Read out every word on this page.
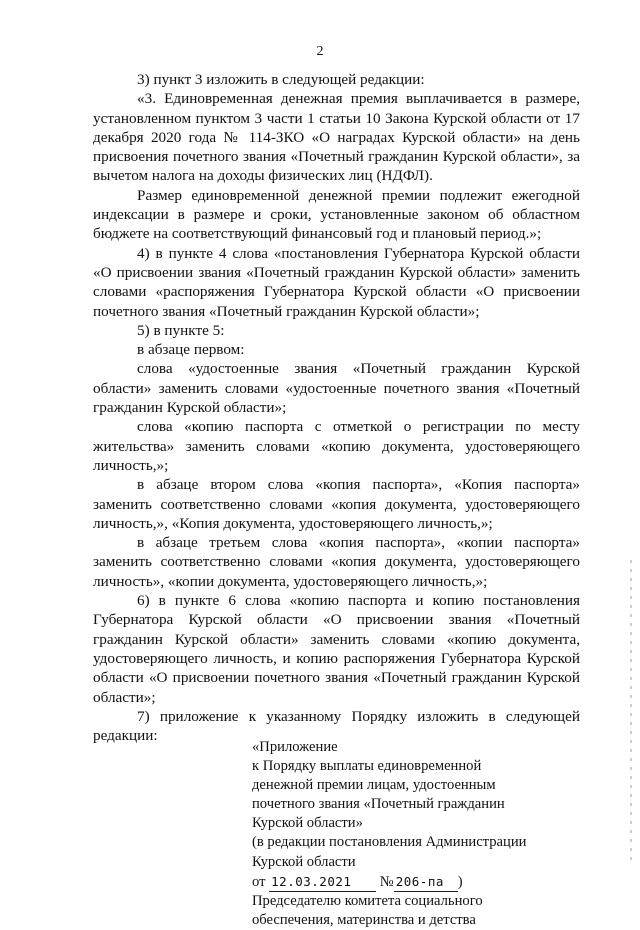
2

3) пункт 3 изложить в следующей редакции:

«3. Единовременная денежная премия выплачивается в размере, установленном пунктом 3 части 1 статьи 10 Закона Курской области от 17 декабря 2020 года № 114-ЗКО «О наградах Курской области» на день присвоения почетного звания «Почетный гражданин Курской области», за вычетом налога на доходы физических лиц (НДФЛ).

Размер единовременной денежной премии подлежит ежегодной индексации в размере и сроки, установленные законом об областном бюджете на соответствующий финансовый год и плановый период.»;

4) в пункте 4 слова «постановления Губернатора Курской области «О присвоении звания «Почетный гражданин Курской области» заменить словами «распоряжения Губернатора Курской области «О присвоении почетного звания «Почетный гражданин Курской области»;

5) в пункте 5:

в абзаце первом:

слова «удостоенные звания «Почетный гражданин Курской области» заменить словами «удостоенные почетного звания «Почетный гражданин Курской области»;

слова «копию паспорта с отметкой о регистрации по месту жительства» заменить словами «копию документа, удостоверяющего личность,»;

в абзаце втором слова «копия паспорта», «Копия паспорта» заменить соответственно словами «копия документа, удостоверяющего личность,», «Копия документа, удостоверяющего личность,»;

в абзаце третьем слова «копия паспорта», «копии паспорта» заменить соответственно словами «копия документа, удостоверяющего личность», «копии документа, удостоверяющего личность,»;

6) в пункте 6 слова «копию паспорта и копию постановления Губернатора Курской области «О присвоении звания «Почетный гражданин Курской области» заменить словами «копию документа, удостоверяющего личность, и копию распоряжения Губернатора Курской области «О присвоении почетного звания «Почетный гражданин Курской области»;

7) приложение к указанному Порядку изложить в следующей редакции:

«Приложение
к Порядку выплаты единовременной
денежной премии лицам, удостоенным
почетного звания «Почетный гражданин
Курской области»
(в редакции постановления Администрации
Курской области
от 12.03.2021 № 206-па )
Председателю комитета социального
обеспечения, материнства и детства
